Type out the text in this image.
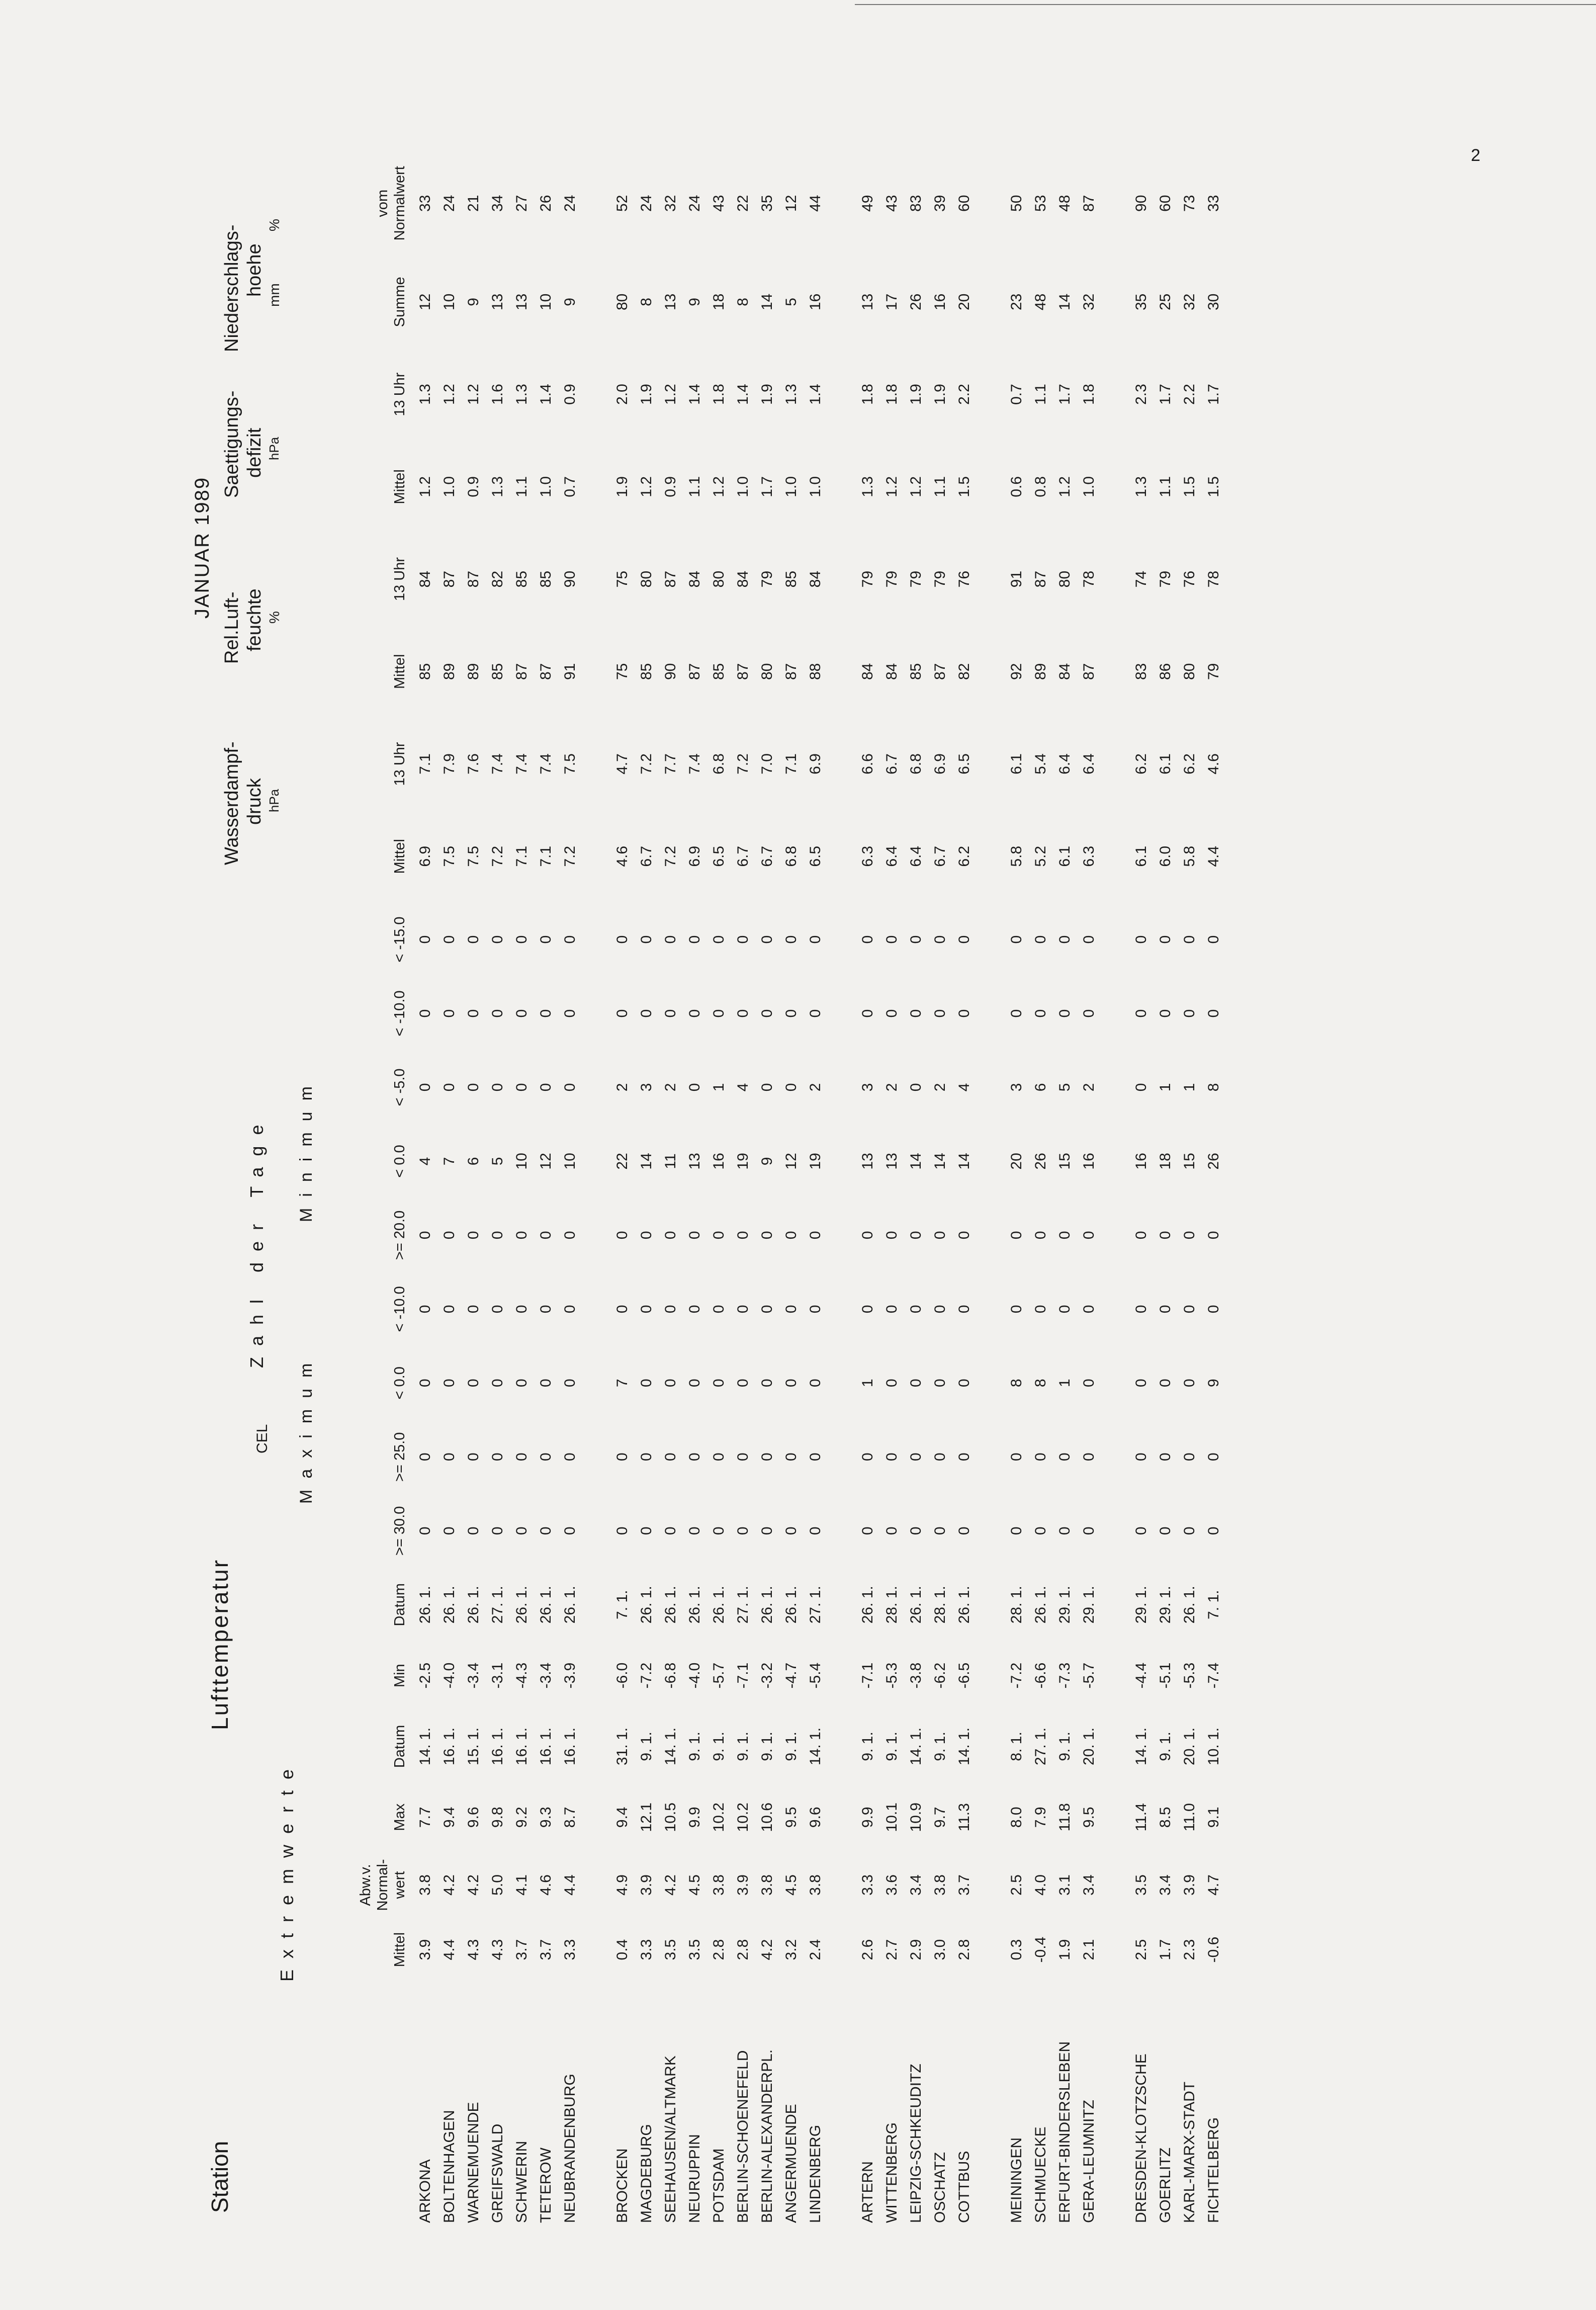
2
JANUAR 1989
Station
Lufttemperatur
CEL
Extremwerte
Zahl der Tage
Maximum
Minimum
Wasserdampf- druck hPa
Rel.Luft- feuchte %
Saettigungs- defizit hPa
Niederschlags- hoehe mm
%
	Mittel	Abw.v. Normal- wert	Max	Datum	Min	Datum	>= 30.0	>= 25.0	< 0.0	< -10.0	>= 20.0	< 0.0	< -5.0	< -10.0	< -15.0	Mittel	13 Uhr	Mittel	13 Uhr	Mittel	13 Uhr	Summe	vom Normalwert
ARKONA	3.9	3.8	7.7	14. 1.	-2.5	26. 1.	0	0	0	0	0	4	0	0	0	6.9	7.1	85	84	1.2	1.3	12	33
BOLTENHAGEN	4.4	4.2	9.4	16. 1.	-4.0	26. 1.	0	0	0	0	0	7	0	0	0	7.5	7.9	89	87	1.0	1.2	10	24
WARNEMUENDE	4.3	4.2	9.6	15. 1.	-3.4	26. 1.	0	0	0	0	0	6	0	0	0	7.5	7.6	89	87	0.9	1.2	9	21
GREIFSWALD	4.3	5.0	9.8	16. 1.	-3.1	27. 1.	0	0	0	0	0	5	0	0	0	7.2	7.4	85	82	1.3	1.6	13	34
SCHWERIN	3.7	4.1	9.2	16. 1.	-4.3	26. 1.	0	0	0	0	0	10	0	0	0	7.1	7.4	87	85	1.1	1.3	13	27
TETEROW	3.7	4.6	9.3	16. 1.	-3.4	26. 1.	0	0	0	0	0	12	0	0	0	7.1	7.4	87	85	1.0	1.4	10	26
NEUBRANDENBURG	3.3	4.4	8.7	16. 1.	-3.9	26. 1.	0	0	0	0	0	10	0	0	0	7.2	7.5	91	90	0.7	0.9	9	24

BROCKEN	0.4	4.9	9.4	31. 1.	-6.0	7. 1.	0	0	7	0	0	22	2	0	0	4.6	4.7	75	75	1.9	2.0	80	52
MAGDEBURG	3.3	3.9	12.1	9. 1.	-7.2	26. 1.	0	0	0	0	0	14	3	0	0	6.7	7.2	85	80	1.2	1.9	8	24
SEEHAUSEN/ALTMARK	3.5	4.2	10.5	14. 1.	-6.8	26. 1.	0	0	0	0	0	11	2	0	0	7.2	7.7	90	87	0.9	1.2	13	32
NEURUPPIN	3.5	4.5	9.9	9. 1.	-4.0	26. 1.	0	0	0	0	0	13	0	0	0	6.9	7.4	87	84	1.1	1.4	9	24
POTSDAM	2.8	3.8	10.2	9. 1.	-5.7	26. 1.	0	0	0	0	0	16	1	0	0	6.5	6.8	85	80	1.2	1.8	18	43
BERLIN-SCHOENEFELD	2.8	3.9	10.2	9. 1.	-7.1	27. 1.	0	0	0	0	0	19	4	0	0	6.7	7.2	87	84	1.0	1.4	8	22
BERLIN-ALEXANDERPL.	4.2	3.8	10.6	9. 1.	-3.2	26. 1.	0	0	0	0	0	9	0	0	0	6.7	7.0	80	79	1.7	1.9	14	35
ANGERMUENDE	3.2	4.5	9.5	9. 1.	-4.7	26. 1.	0	0	0	0	0	12	0	0	0	6.8	7.1	87	85	1.0	1.3	5	12
LINDENBERG	2.4	3.8	9.6	14. 1.	-5.4	27. 1.	0	0	0	0	0	19	2	0	0	6.5	6.9	88	84	1.0	1.4	16	44

ARTERN	2.6	3.3	9.9	9. 1.	-7.1	26. 1.	0	0	1	0	0	13	3	0	0	6.3	6.6	84	79	1.3	1.8	13	49
WITTENBERG	2.7	3.6	10.1	9. 1.	-5.3	28. 1.	0	0	0	0	0	13	2	0	0	6.4	6.7	84	79	1.2	1.8	17	43
LEIPZIG-SCHKEUDITZ	2.9	3.4	10.9	14. 1.	-3.8	26. 1.	0	0	0	0	0	14	0	0	0	6.4	6.8	85	79	1.2	1.9	26	83
OSCHATZ	3.0	3.8	9.7	9. 1.	-6.2	28. 1.	0	0	0	0	0	14	2	0	0	6.7	6.9	87	79	1.1	1.9	16	39
COTTBUS	2.8	3.7	11.3	14. 1.	-6.5	26. 1.	0	0	0	0	0	14	4	0	0	6.2	6.5	82	76	1.5	2.2	20	60

MEININGEN	0.3	2.5	8.0	8. 1.	-7.2	28. 1.	0	0	8	0	0	20	3	0	0	5.8	6.1	92	91	0.6	0.7	23	50
SCHMUECKE	-0.4	4.0	7.9	27. 1.	-6.6	26. 1.	0	0	8	0	0	26	6	0	0	5.2	5.4	89	87	0.8	1.1	48	53
ERFURT-BINDERSLEBEN	1.9	3.1	11.8	9. 1.	-7.3	29. 1.	0	0	1	0	0	15	5	0	0	6.1	6.4	84	80	1.2	1.7	14	48
GERA-LEUMNITZ	2.1	3.4	9.5	20. 1.	-5.7	29. 1.	0	0	0	0	0	16	2	0	0	6.3	6.4	87	78	1.0	1.8	32	87

DRESDEN-KLOTZSCHE	2.5	3.5	11.4	14. 1.	-4.4	29. 1.	0	0	0	0	0	16	0	0	0	6.1	6.2	83	74	1.3	2.3	35	90
GOERLITZ	1.7	3.4	8.5	9. 1.	-5.1	29. 1.	0	0	0	0	0	18	1	0	0	6.0	6.1	86	79	1.1	1.7	25	60
KARL-MARX-STADT	2.3	3.9	11.0	20. 1.	-5.3	26. 1.	0	0	0	0	0	15	1	0	0	5.8	6.2	80	76	1.5	2.2	32	73
FICHTELBERG	-0.6	4.7	9.1	10. 1.	-7.4	7. 1.	0	0	9	0	0	26	8	0	0	4.4	4.6	79	78	1.5	1.7	30	33
